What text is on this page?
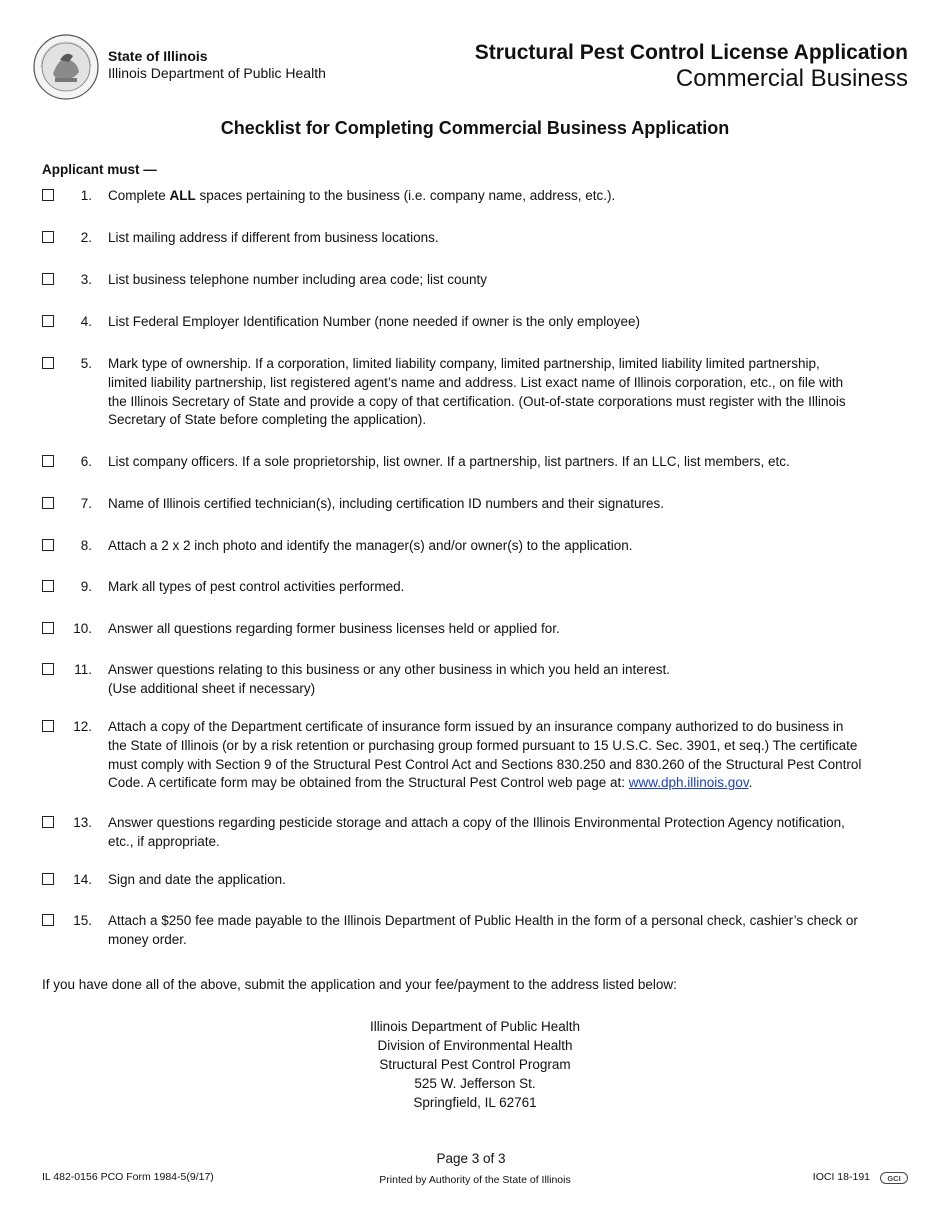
State of Illinois
Illinois Department of Public Health
Structural Pest Control License Application
Commercial Business
Checklist for Completing Commercial Business Application
Applicant must —
1. Complete ALL spaces pertaining to the business (i.e. company name, address, etc.).
2. List mailing address if different from business locations.
3. List business telephone number including area code; list county
4. List Federal Employer Identification Number (none needed if owner is the only employee)
5. Mark type of ownership. If a corporation, limited liability company, limited partnership, limited liability limited partnership,
limited liability partnership, list registered agent’s name and address. List exact name of Illinois corporation, etc., on file with
the Illinois Secretary of State and provide a copy of that certification. (Out-of-state corporations must register with the Illinois
Secretary of State before completing the application).
6. List company officers. If a sole proprietorship, list owner. If a partnership, list partners. If an LLC, list members, etc.
7. Name of Illinois certified technician(s), including certification ID numbers and their signatures.
8. Attach a 2 x 2 inch photo and identify the manager(s) and/or owner(s) to the application.
9. Mark all types of pest control activities performed.
10. Answer all questions regarding former business licenses held or applied for.
11. Answer questions relating to this business or any other business in which you held an interest.
(Use additional sheet if necessary)
12. Attach a copy of the Department certificate of insurance form issued by an insurance company authorized to do business in
the State of Illinois (or by a risk retention or purchasing group formed pursuant to 15 U.S.C. Sec. 3901, et seq.) The certificate
must comply with Section 9 of the Structural Pest Control Act and Sections 830.250 and 830.260 of the Structural Pest Control
Code. A certificate form may be obtained from the Structural Pest Control web page at: www.dph.illinois.gov.
13. Answer questions regarding pesticide storage and attach a copy of the Illinois Environmental Protection Agency notification,
etc., if appropriate.
14. Sign and date the application.
15. Attach a $250 fee made payable to the Illinois Department of Public Health in the form of a personal check, cashier’s check or
money order.
If you have done all of the above, submit the application and your fee/payment to the address listed below:
Illinois Department of Public Health
Division of Environmental Health
Structural Pest Control Program
525 W. Jefferson St.
Springfield, IL 62761
Page 3 of 3
IL 482-0156 PCO Form 1984-5(9/17)	Printed by Authority of the State of Illinois	IOCI 18-191 GCI
